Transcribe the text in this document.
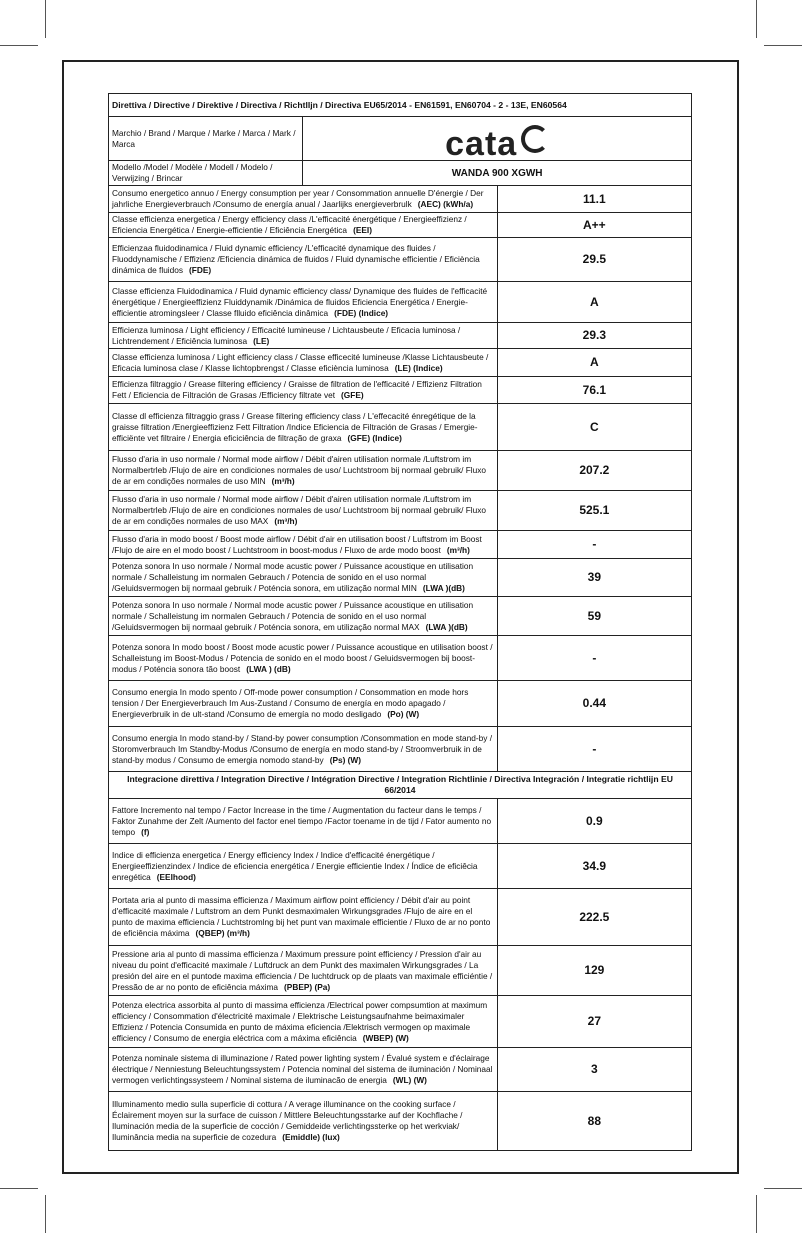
Direttiva / Directive / Direktive / Directiva / Richtlljn / Directiva EU65/2014 - EN61591, EN60704 - 2 - 13E, EN60564		
Marchio / Brand / Marque / Marke / Marca / Mark / Marca	cata	
Modello /Model / Modèle / Modell / Modelo / Verwijzing / Brincar	WANDA 900 XGWH	
Consumo energetico annuo / Energy consumption per year / Consommation annuelle D'énergie / Der jahrliche Energieverbrauch /Consumo de energía anual / Jaarlijks energieverbrulk (AEC) (kWh/a)		11.1
Classe efficienza energetica / Energy efficiency class /L'efficacité énergétique / Energieeffizienz / Eficiencia Energética / Energie-efficientie / Eficiência Energética (EEI)		A++
Efficienzaa fluidodinamica / Fluid dynamic efficiency /L'efficacité dynamique des fluides / Fluoddynamische / Effizienz /Eficiencia dinámica de fluidos / Fluid dynamische efficientie / Eficiència dinámica de fluidos (FDE)		29.5
Classe efficienza Fluidodinamica / Fluid dynamic efficiency class/ Dynamique des fluides de l'efficacité énergétique / Energieeffizienz Fluiddynamik /Dinámica de fluidos Eficiencia Energética / Energie-efficientie atromingsleer / Classe flluido eficiência dinâmica (FDE) (Indice)		A
Efficienza luminosa / Light efficiency / Efficacité lumineuse / Lichtausbeute / Eficacia luminosa / Lichtrendement / Eficiência luminosa (LE)		29.3
Classe efficienza luminosa / Light efficiency class / Classe efficecité lumineuse /Klasse Lichtausbeute / Eficacia luminosa clase / Klasse lichtopbrengst / Classe eficiència luminosa (LE) (Indice)		A
Efficienza filtraggio / Grease filtering efficiency / Graisse de filtration de l'efficacité / Effizienz Filtration Fett / Eficiencia de Filtración de Grasas /Efficiency filtrate vet (GFE)		76.1
Classe dl efficienza filtraggio grass / Grease filtering efficiency class / L'effecacité énregétique de la graisse filtration /Energieeffizienz Fett Filtration /Indice Eficiencia de Filtración de Grasas / Emergie-efficiënte vet filtraire / Energia eficiciência de filtração de graxa (GFE) (Indice)		C
Flusso d'aria in uso normale / Normal mode airflow / Débit d'airen utilisation normale /Luftstrom im Normalbertrleb /Flujo de aire en condiciones normales de uso/ Luchtstroom bij normaal gebruik/ Fluxo de ar em condições normales de uso MIN (m³/h)		207.2
Flusso d'aria in uso normale / Normal mode airflow / Débit d'airen utilisation normale /Luftstrom im Normalbertrleb /Flujo de aire en condiciones normales de uso/ Luchtstroom bij normaal gebruik/ Fluxo de ar em condições normales de uso MAX (m³/h)		525.1
Flusso d'aria in modo boost / Boost mode airflow / Débit d'air en utilisation boost / Luftstrom im Boost /Flujo de aire en el modo boost / Luchtstroom in boost-modus / Fluxo de arde modo boost (m³/h)		-
Potenza sonora In uso normale / Normal mode acustic power / Puissance acoustique en utilisation normale / Schalleistung im normalen Gebrauch / Potencia de sonido en el uso normal /Geluidsvermogen bij normaal gebruik / Poténcia sonora, em utilização normal MIN (LWA )(dB)		39
Potenza sonora In uso normale / Normal mode acustic power / Puissance acoustique en utilisation normale / Schalleistung im normalen Gebrauch / Potencia de sonido en el uso normal /Geluidsvermogen bij normaal gebruik / Poténcia sonora, em utilização normal MAX (LWA )(dB)		59
Potenza sonora In modo boost / Boost mode acustic power / Puissance acoustique en utilisation boost / Schalleistung im Boost-Modus / Potencia de sonido en el modo boost / Geluidsvermogen bij boost-modus / Poténcia sonora tão boost (LWA ) (dB)		-
Consumo energia In modo spento / Off-mode power consumption / Consommation en mode hors tension / Der Energieverbrauch Im Aus-Zustand / Consumo de energía en modo apagado / Energieverbruik in de ult-stand /Consumo de emergía no modo desligado (Po) (W)		0.44
Consumo energia In modo stand-by / Stand-by power consumption /Consommation en mode stand-by / Storomverbrauch Im Standby-Modus /Consumo de energía en modo stand-by / Stroomverbruik in de stand-by modus / Consumo de emergia nomodo stand-by (Ps) (W)		-
Integracione direttiva / Integration Directive / Intégration Directive / Integration Richtlinie / Directiva Integración / Integratie richtlijn EU 66/2014		
Fattore Incremento nal tempo / Factor Increase in the time / Augmentation du facteur dans le temps / Faktor Zunahme der Zelt /Aumento del factor enel tiempo /Factor toename in de tijd / Fator aumento no tempo (f)		0.9
Indice di efficienza energetica / Energy efficiency Index / Indice d'efficacité énergétique / Energieeffizienzindex / Indice de eficiencia energética / Energie efficientie Index / Índice de eficiêcia enregética (EEIhood)		34.9
Portata aria al punto di massima efficienza / Maximum airflow point efficiency / Débit d'air au point d'efficacité maximale / Luftstrom an dem Punkt desmaximalen Wirkungsgrades /Flujo de aire en el punto de maxima efficiencia / Luchtstromlng bij het punt van maximale efficientie / Fluxo de ar no ponto de eficiência máxima (QBEP) (m³/h)		222.5
Pressione aria al punto di massima efficienza / Maximum pressure point efficiency / Pression d'air au niveau du point d'efficacité maximale / Luftdruck an dem Punkt des maximalen Wirkungsgrades / La presión del aire en el puntode maxima efficiencia / De luchtdruck op de plaats van maximale efficiéntie / Pressão de ar no ponto de eficiência máxima (PBEP) (Pa)		129
Potenza electrica assorbita al punto di massima efficienza /Electrical power compsumtion at maximum efficiency / Consommation d'électricité maximale / Elektrische Leistungsaufnahme beimaximaler Effizienz / Potencia Consumida en punto de máxima eficiencia /Elektrisch vermogen op maximale efficiency / Consumo de energia eléctrica com a máxima eficiência (WBEP) (W)		27
Potenza nominale sistema di illuminazione / Rated power lighting system / Évalué system e d'éclairage électrique / Nenniestung Beleuchtungssystem / Potencia nominal del sistema de iluminación / Nominaal vermogen verlichtingssysteem / Nominal sistema de iluminacão de energia (WL) (W)		3
Illuminamento medio sulla superficie di cottura / A verage illuminance on the cooking surface / Éclairement moyen sur la surface de cuisson / Mittlere Beleuchtungsstarke auf der Kochflache / Iluminación media de la superficie de cocción / Gemiddeide verlichtingssterke op het werkviak/ Iluminância media na superficie de cozedura (Emiddle) (lux)		88
